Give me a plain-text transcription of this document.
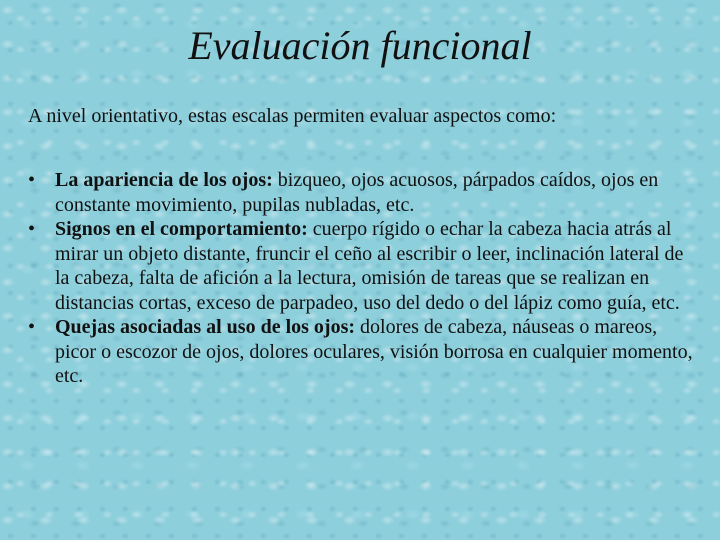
Evaluación funcional

A nivel orientativo, estas escalas permiten evaluar aspectos como:

• La apariencia de los ojos: bizqueo, ojos acuosos, párpados caídos, ojos en constante movimiento, pupilas nubladas, etc.
• Signos en el comportamiento: cuerpo rígido o echar la cabeza hacia atrás al mirar un objeto distante, fruncir el ceño al escribir o leer, inclinación lateral de la cabeza, falta de afición a la lectura, omisión de tareas que se realizan en distancias cortas, exceso de parpadeo, uso del dedo o del lápiz como guía, etc.
• Quejas asociadas al uso de los ojos: dolores de cabeza, náuseas o mareos, picor o escozor de ojos, dolores oculares, visión borrosa en cualquier momento, etc.
